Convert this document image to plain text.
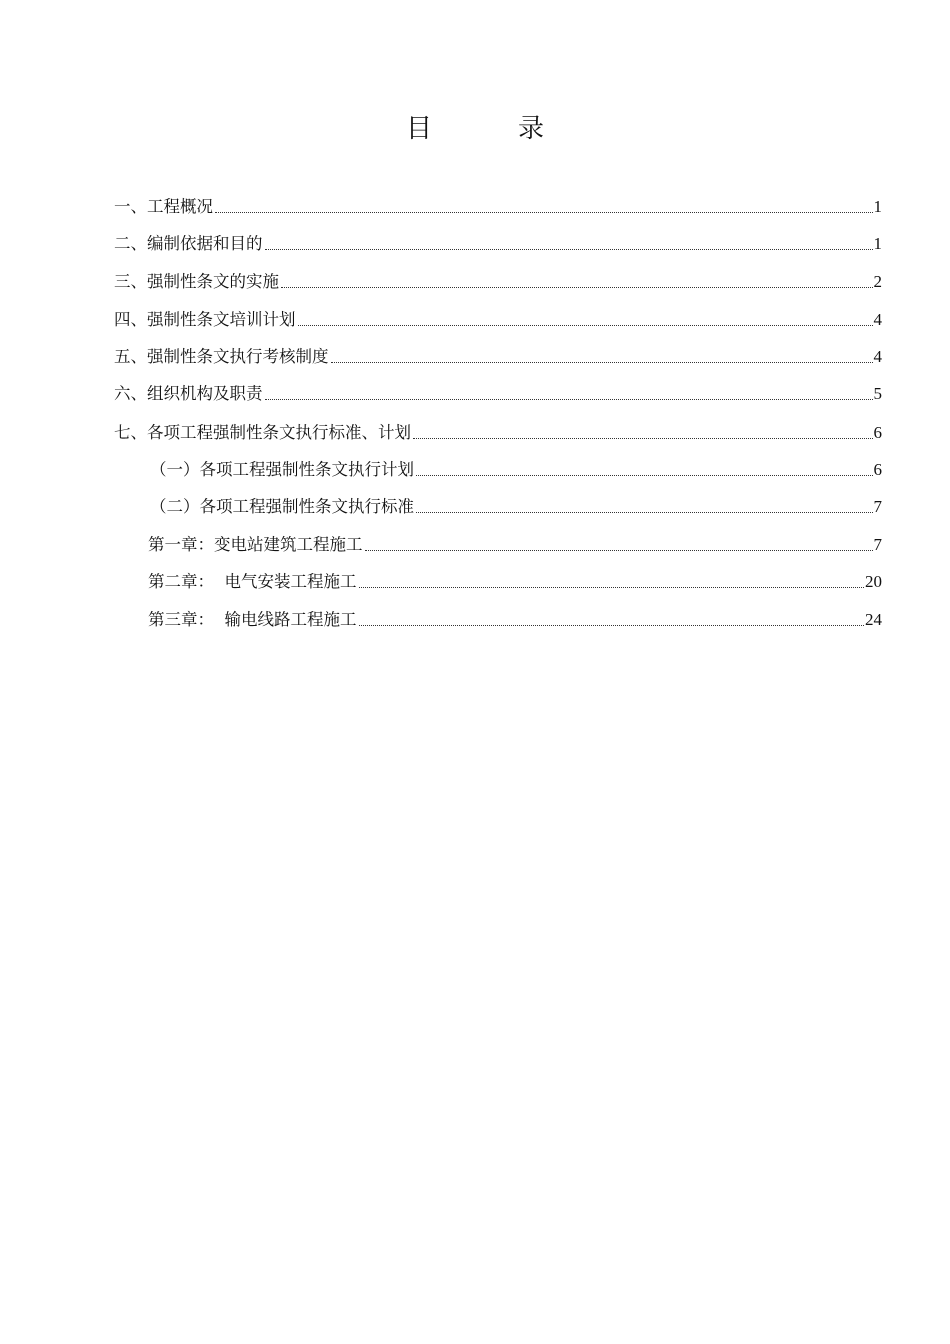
目	录
一、工程概况	1
二、编制依据和目的	1
三、强制性条文的实施	2
四、强制性条文培训计划	4
五、强制性条文执行考核制度	4
六、组织机构及职责	5
七、各项工程强制性条文执行标准、计划	6
（一）各项工程强制性条文执行计划	6
（二）各项工程强制性条文执行标准	7
第一章：变电站建筑工程施工	7
第二章：  电气安装工程施工	20
第三章：  输电线路工程施工	24
